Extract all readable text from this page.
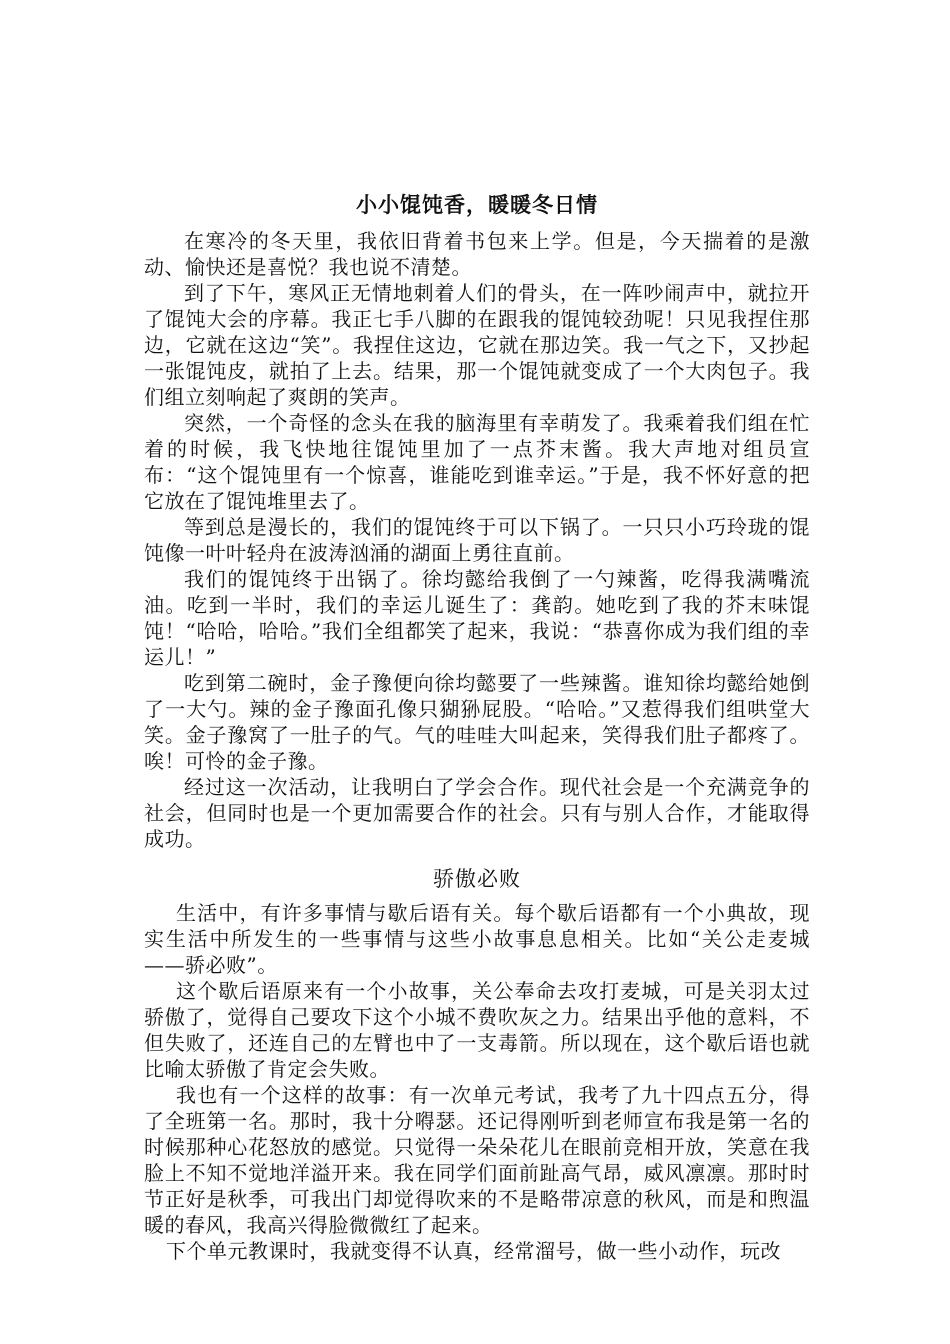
小小馄饨香，暖暖冬日情

在寒冷的冬天里，我依旧背着书包来上学。但是，今天揣着的是激动、愉快还是喜悦？我也说不清楚。

到了下午，寒风正无情地刺着人们的骨头，在一阵吵闹声中，就拉开了馄饨大会的序幕。我正七手八脚的在跟我的馄饨较劲呢！只见我捏住那边，它就在这边“笑”。我捏住这边，它就在那边笑。我一气之下，又抄起一张馄饨皮，就拍了上去。结果，那一个馄饨就变成了一个大肉包子。我们组立刻响起了爽朗的笑声。

突然，一个奇怪的念头在我的脑海里有幸萌发了。我乘着我们组在忙着的时候，我飞快地往馄饨里加了一点芥末酱。我大声地对组员宣布：“这个馄饨里有一个惊喜，谁能吃到谁幸运。”于是，我不怀好意的把它放在了馄饨堆里去了。

等到总是漫长的，我们的馄饨终于可以下锅了。一只只小巧玲珑的馄饨像一叶叶轻舟在波涛汹涌的湖面上勇往直前。

我们的馄饨终于出锅了。徐均懿给我倒了一勺辣酱，吃得我满嘴流油。吃到一半时，我们的幸运儿诞生了：龚韵。她吃到了我的芥末味馄饨！“哈哈，哈哈。”我们全组都笑了起来，我说：“恭喜你成为我们组的幸运儿！”

吃到第二碗时，金子豫便向徐均懿要了一些辣酱。谁知徐均懿给她倒了一大勺。辣的金子豫面孔像只猢狲屁股。“哈哈。”又惹得我们组哄堂大笑。金子豫窝了一肚子的气。气的哇哇大叫起来，笑得我们肚子都疼了。唉！可怜的金子豫。

经过这一次活动，让我明白了学会合作。现代社会是一个充满竞争的社会，但同时也是一个更加需要合作的社会。只有与别人合作，才能取得成功。

骄傲必败

生活中，有许多事情与歇后语有关。每个歇后语都有一个小典故，现实生活中所发生的一些事情与这些小故事息息相关。比如“关公走麦城——骄必败”。

这个歇后语原来有一个小故事，关公奉命去攻打麦城，可是关羽太过骄傲了，觉得自己要攻下这个小城不费吹灰之力。结果出乎他的意料，不但失败了，还连自己的左臂也中了一支毒箭。所以现在，这个歇后语也就比喻太骄傲了肯定会失败。

我也有一个这样的故事：有一次单元考试，我考了九十四点五分，得了全班第一名。那时，我十分嘚瑟。还记得刚听到老师宣布我是第一名的时候那种心花怒放的感觉。只觉得一朵朵花儿在眼前竞相开放，笑意在我脸上不知不觉地洋溢开来。我在同学们面前趾高气昂，威风凛凛。那时时节正好是秋季，可我出门却觉得吹来的不是略带凉意的秋风，而是和煦温暖的春风，我高兴得脸微微红了起来。

下个单元教课时，我就变得不认真，经常溜号，做一些小动作，玩改
